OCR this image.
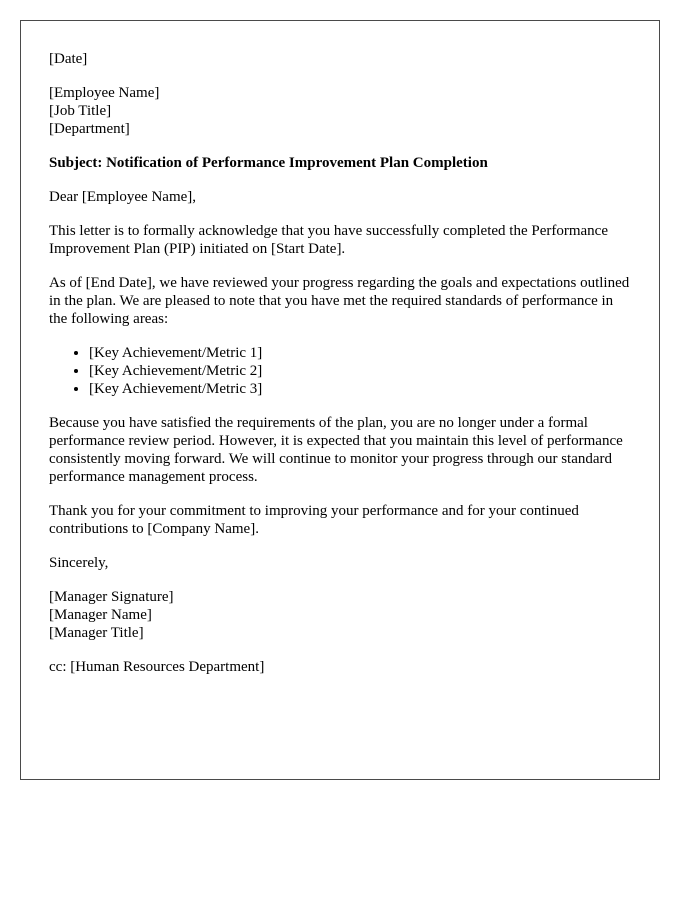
[Date]
[Employee Name]
[Job Title]
[Department]

Subject: Notification of Performance Improvement Plan Completion

Dear [Employee Name],

This letter is to formally acknowledge that you have successfully completed the Performance Improvement Plan (PIP) initiated on [Start Date].

As of [End Date], we have reviewed your progress regarding the goals and expectations outlined in the plan. We are pleased to note that you have met the required standards of performance in the following areas:

• [Key Achievement/Metric 1]
• [Key Achievement/Metric 2]
• [Key Achievement/Metric 3]

Because you have satisfied the requirements of the plan, you are no longer under a formal performance review period. However, it is expected that you maintain this level of performance consistently moving forward. We will continue to monitor your progress through our standard performance management process.

Thank you for your commitment to improving your performance and for your continued contributions to [Company Name].

Sincerely,

[Manager Signature]
[Manager Name]
[Manager Title]

cc: [Human Resources Department]
